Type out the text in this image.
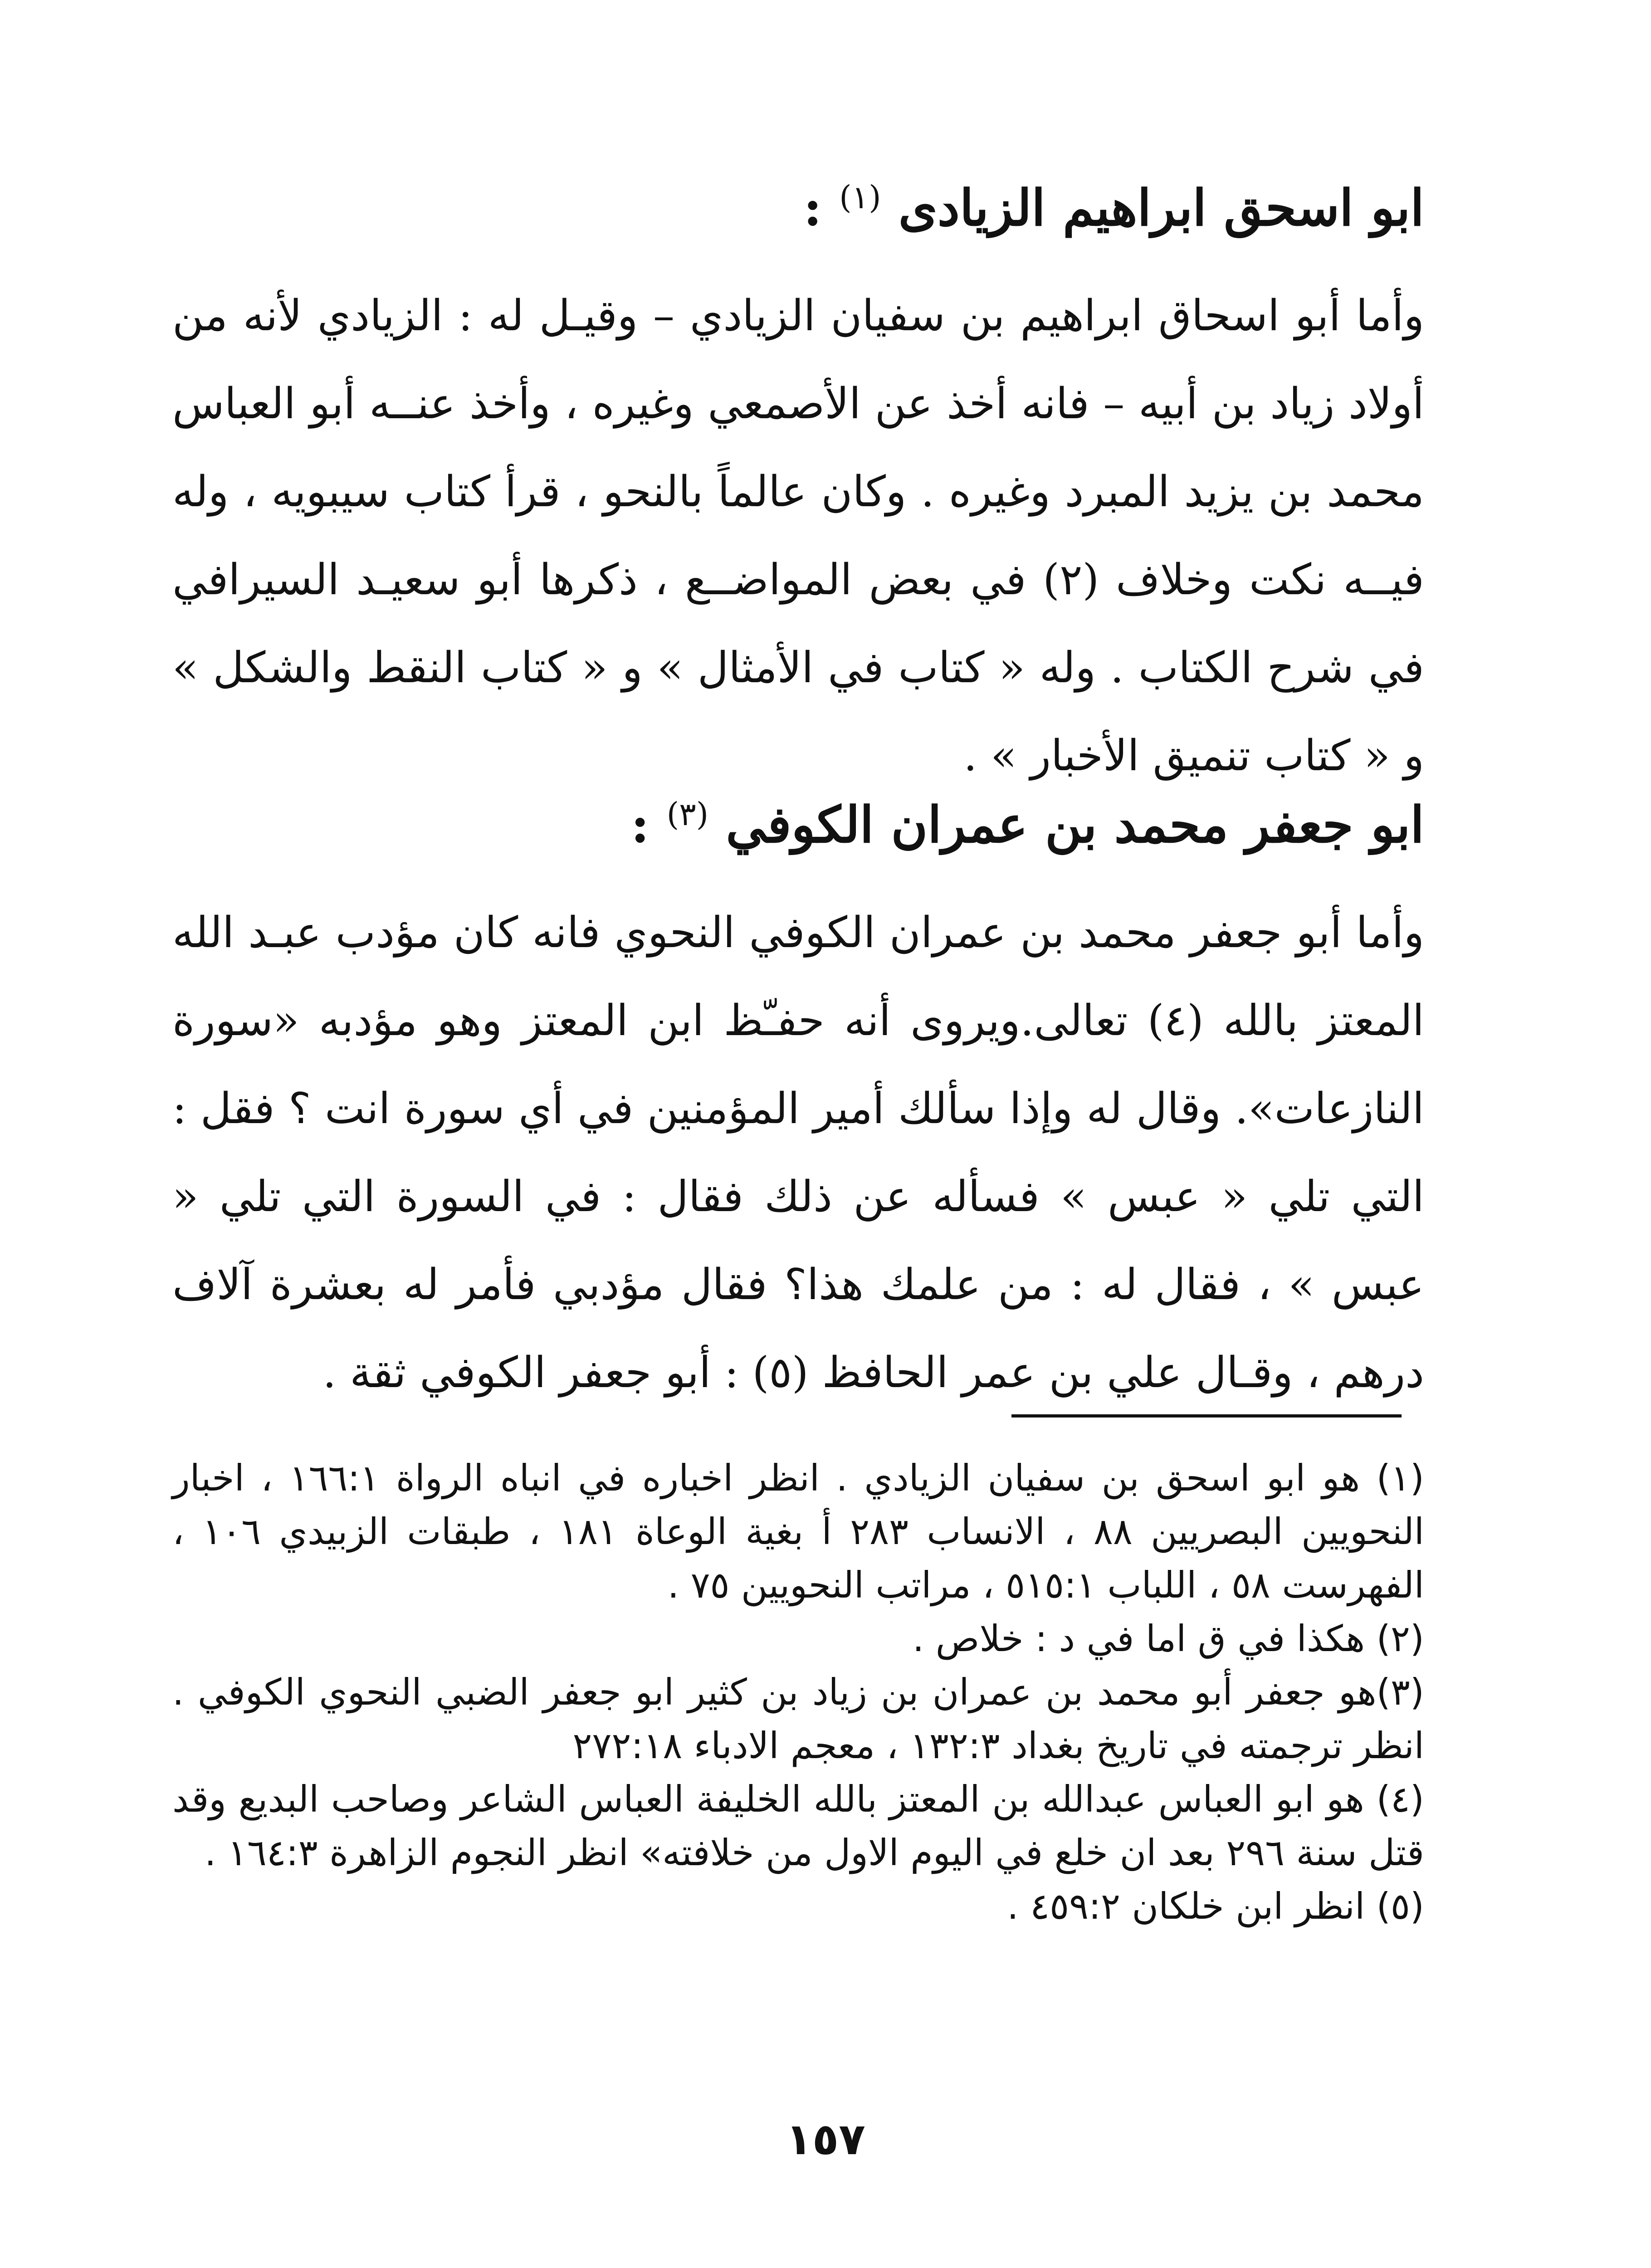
ابو اسحق ابراهيم الزيادى $^{(١)}$ :

وأما أبو اسحاق ابراهيم بن سفيان الزيادي – وقيـل له : الزيادي لأنه من أولاد زياد بن أبيه – فانه أخذ عن الأصمعي وغيره ، وأخذ عنــه أبو العباس محمد بن يزيد المبرد وغيره . وكان عالماً بالنحو ، قرأ كتاب سيبويه ، وله فيــه نكت وخلاف (٢) في بعض المواضــع ، ذكرها أبو سعيـد السيرافي في شرح الكتاب . وله « كتاب في الأمثال » و « كتاب النقط والشكل » و « كتاب تنميق الأخبار » .

ابو جعفر محمد بن عمران الكوفي $^{(٣)}$ :

وأما أبو جعفر محمد بن عمران الكوفي النحوي فانه كان مؤدب عبـد الله المعتز بالله (٤) تعالى.ويروى أنه حفـّظ ابن المعتز وهو مؤدبه «سورة النازعات». وقال له وإذا سألك أمير المؤمنين في أي سورة انت ؟ فقل : التي تلي « عبس » فسأله عن ذلك فقال : في السورة التي تلي « عبس » ، فقال له : من علمك هذا؟ فقال مؤدبي فأمر له بعشرة آلاف درهم ، وقـال علي بن عمر الحافظ (٥) : أبو جعفر الكوفي ثقة .

(١) هو ابو اسحق بن سفيان الزيادي . انظر اخباره في انباه الرواة ١٦٦:١ ، اخبار النحويين البصريين ٨٨ ، الانساب ٢٨٣ أ بغية الوعاة ١٨١ ، طبقات الزبيدي ١٠٦ ، الفهرست ٥٨ ، اللباب ٥١٥:١ ، مراتب النحويين ٧٥ .

(٢) هكذا في ق اما في د : خلاص .

(٣)هو جعفر أبو محمد بن عمران بن زياد بن كثير ابو جعفر الضبي النحوي الكوفي . انظر ترجمته في تاريخ بغداد ١٣٢:٣ ، معجم الادباء ٢٧٢:١٨

(٤) هو ابو العباس عبدالله بن المعتز بالله الخليفة العباس الشاعر وصاحب البديع وقد قتل سنة ٢٩٦ بعد ان خلع في اليوم الاول من خلافته» انظر النجوم الزاهرة ١٦٤:٣ .

(٥) انظر ابن خلكان ٤٥٩:٢ .

١٥٧
